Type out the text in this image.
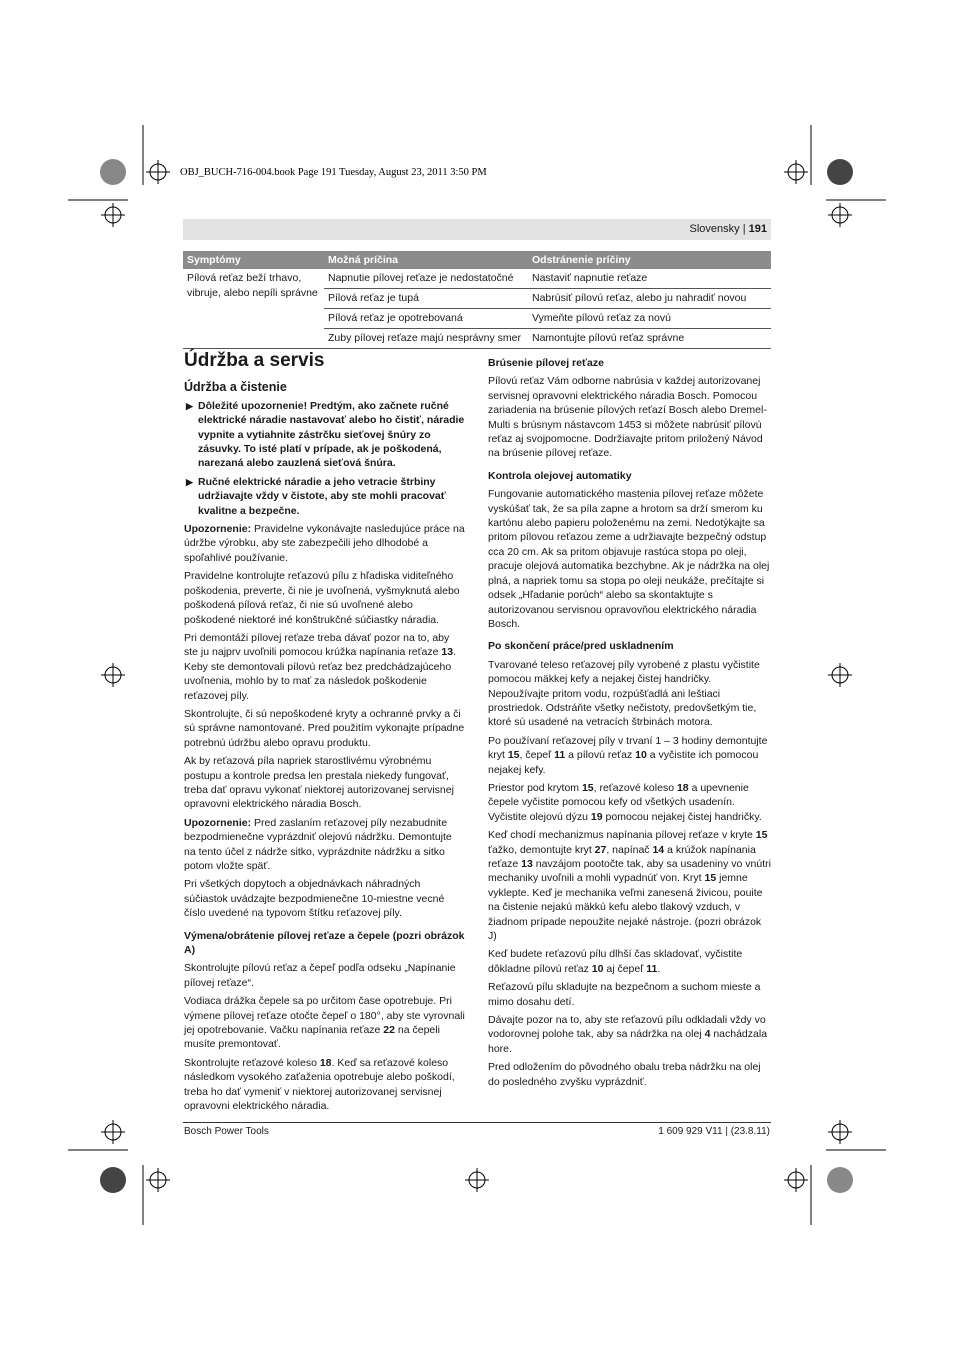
OBJ_BUCH-716-004.book Page 191 Tuesday, August 23, 2011 3:50 PM
Slovensky | 191
Symptómy	Možná príčina	Odstránenie príčiny
Pílová reťaz beží trhavo, vibruje, alebo nepíli správne	Napnutie pílovej reťaze je nedostatočné	Nastaviť napnutie reťaze
	Pílová reťaz je tupá	Nabrúsiť pílovú reťaz, alebo ju nahradiť novou
	Pílová reťaz je opotrebovaná	Vymeňte pílovú reťaz za novú
	Zuby pílovej reťaze majú nesprávny smer	Namontujte pílovú reťaz správne
Údržba a servis
Údržba a čistenie
▶ Dôležité upozornenie! Predtým, ako začnete ručné elektrické náradie nastavovať alebo ho čistiť, náradie vypnite a vytiahnite zástrčku sieťovej šnúry zo zásuvky. To isté platí v prípade, ak je poškodená, narezaná alebo zauzlená sieťová šnúra.
▶ Ručné elektrické náradie a jeho vetracie štrbiny udržiavajte vždy v čistote, aby ste mohli pracovať kvalitne a bezpečne.

Upozornenie: Pravidelne vykonávajte nasledujúce práce na údržbe výrobku, aby ste zabezpečili jeho dlhodobé a spoľahlivé používanie.

Pravidelne kontrolujte reťazovú pílu z hľadiska viditeľného poškodenia, preverte, či nie je uvoľnená, vyšmyknutá alebo poškodená pílová reťaz, či nie sú uvoľnené alebo poškodené niektoré iné konštrukčné súčiastky náradia.

Pri demontáži pílovej reťaze treba dávať pozor na to, aby ste ju najprv uvoľnili pomocou krúžka napínania reťaze 13. Keby ste demontovali pílovú reťaz bez predchádzajúceho uvoľnenia, mohlo by to mať za následok poškodenie reťazovej píly.

Skontrolujte, či sú nepoškodené kryty a ochranné prvky a či sú správne namontované. Pred použitím vykonajte prípadne potrebnú údržbu alebo opravu produktu.

Ak by reťazová píla napriek starostlivému výrobnému postupu a kontrole predsa len prestala niekedy fungovať, treba dať opravu vykonať niektorej autorizovanej servisnej opravovni elektrického náradia Bosch.

Upozornenie: Pred zaslaním reťazovej píly nezabudnite bezpodmienečne vyprázdniť olejovú nádržku. Demontujte na tento účel z nádrže sitko, vyprázdnite nádržku a sitko potom vložte späť.

Pri všetkých dopytoch a objednávkach náhradných súčiastok uvádzajte bezpodmienečne 10-miestne vecné číslo uvedené na typovom štítku reťazovej píly.

Výmena/obrátenie pílovej reťaze a čepele (pozri obrázok A)

Skontrolujte pílovú reťaz a čepeľ podľa odseku „Napínanie pílovej reťaze“.

Vodiaca drážka čepele sa po určitom čase opotrebuje. Pri výmene pílovej reťaze otočte čepeľ o 180°, aby ste vyrovnali jej opotrebovanie. Vačku napínania reťaze 22 na čepeli musíte premontovať.

Skontrolujte reťazové koleso 18. Keď sa reťazové koleso následkom vysokého zaťaženia opotrebuje alebo poškodí, treba ho dať vymeniť v niektorej autorizovanej servisnej opravovni elektrického náradia.

Brúsenie pílovej reťaze

Pílovú reťaz Vám odborne nabrúsia v každej autorizovanej servisnej opravovni elektrického náradia Bosch. Pomocou zariadenia na brúsenie pílových reťazí Bosch alebo Dremel-Multi s brúsnym nástavcom 1453 si môžete nabrúsiť pílovú reťaz aj svojpomocne. Dodržiavajte pritom priložený Návod na brúsenie pílovej reťaze.

Kontrola olejovej automatiky

Fungovanie automatického mastenia pílovej reťaze môžete vyskúšať tak, že sa píla zapne a hrotom sa drží smerom ku kartónu alebo papieru položenému na zemi. Nedotýkajte sa pritom pílovou reťazou zeme a udržiavajte bezpečný odstup cca 20 cm. Ak sa pritom objavuje rastúca stopa po oleji, pracuje olejová automatika bezchybne. Ak je nádržka na olej plná, a napriek tomu sa stopa po oleji neukáže, prečítajte si odsek „Hľadanie porúch“ alebo sa skontaktujte s autorizovanou servisnou opravovňou elektrického náradia Bosch.

Po skončení práce/pred uskladnením

Tvarované teleso reťazovej píly vyrobené z plastu vyčistite pomocou mäkkej kefy a nejakej čistej handričky. Nepoužívajte pritom vodu, rozpúšťadlá ani leštiaci prostriedok. Odstráňte všetky nečistoty, predovšetkým tie, ktoré sú usadené na vetracích štrbinách motora.

Po používaní reťazovej píly v trvaní 1 – 3 hodiny demontujte kryt 15, čepeľ 11 a pílovú reťaz 10 a vyčistite ich pomocou nejakej kefy.

Priestor pod krytom 15, reťazové koleso 18 a upevnenie čepele vyčistite pomocou kefy od všetkých usadenín. Vyčistite olejovú dýzu 19 pomocou nejakej čistej handričky.

Keď chodí mechanizmus napínania pílovej reťaze v kryte 15 ťažko, demontujte kryt 27, napínač 14 a krúžok napínania reťaze 13 navzájom pootočte tak, aby sa usadeniny vo vnútri mechaniky uvoľnili a mohli vypadnúť von. Kryt 15 jemne vyklepte. Keď je mechanika veľmi zanesená živicou, pouite na čistenie nejakú mäkkú kefu alebo tlakový vzduch, v žiadnom prípade nepoužite nejaké nástroje. (pozri obrázok J)

Keď budete reťazovú pílu dlhší čas skladovať, vyčistite dôkladne pílovú reťaz 10 aj čepeľ 11.

Reťazovú pílu skladujte na bezpečnom a suchom mieste a mimo dosahu detí.

Dávajte pozor na to, aby ste reťazovú pílu odkladali vždy vo vodorovnej polohe tak, aby sa nádržka na olej 4 nachádzala hore.

Pred odložením do pôvodného obalu treba nádržku na olej do posledného zvyšku vyprázdniť.

Bosch Power Tools	1 609 929 V11 | (23.8.11)
